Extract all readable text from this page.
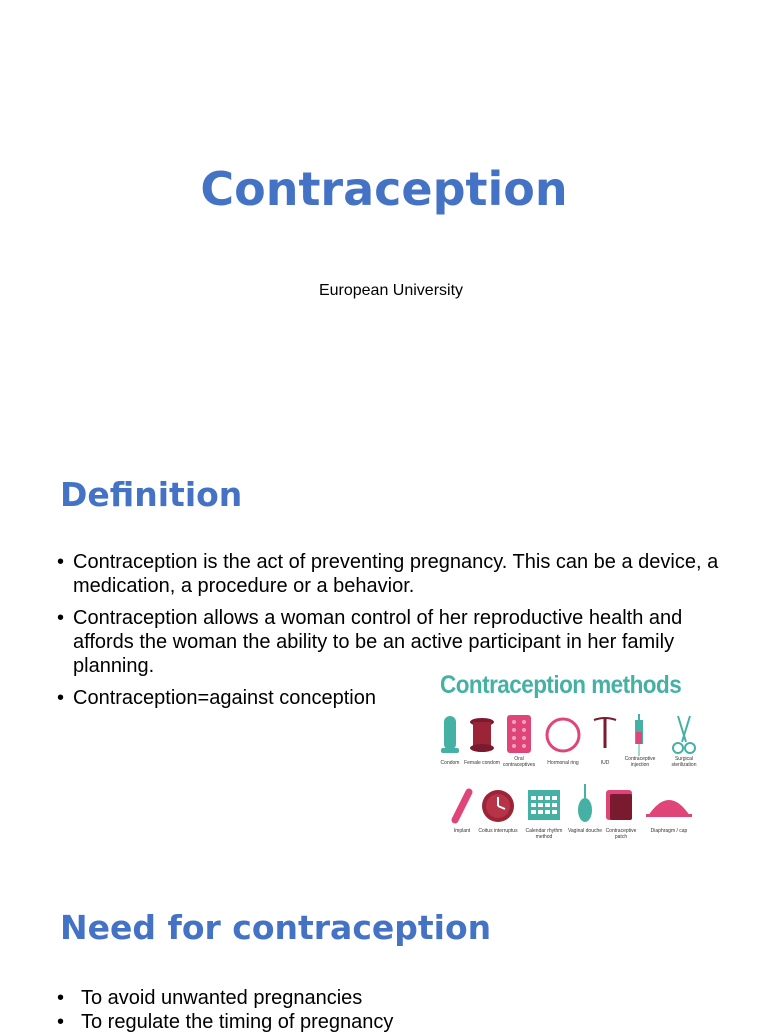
Contraception

European University

Definition
• Contraception is the act of preventing pregnancy. This can be a device, a medication, a procedure or a behavior.
• Contraception allows a woman control of her reproductive health and affords the woman the ability to be an active participant in her family planning.
• Contraception=against conception	Contraception methods
Condom Female condom
Oral contraceptives	Hormonal ring	IUD
Contraceptive injection
Surgical sterilization
Implant	Coitus interruptus	Calendar rhythm method
Vaginal douche Contraceptive patch
Diaphragm / cap
Need for contraception
• To avoid unwanted pregnancies
• To regulate the timing of pregnancy
